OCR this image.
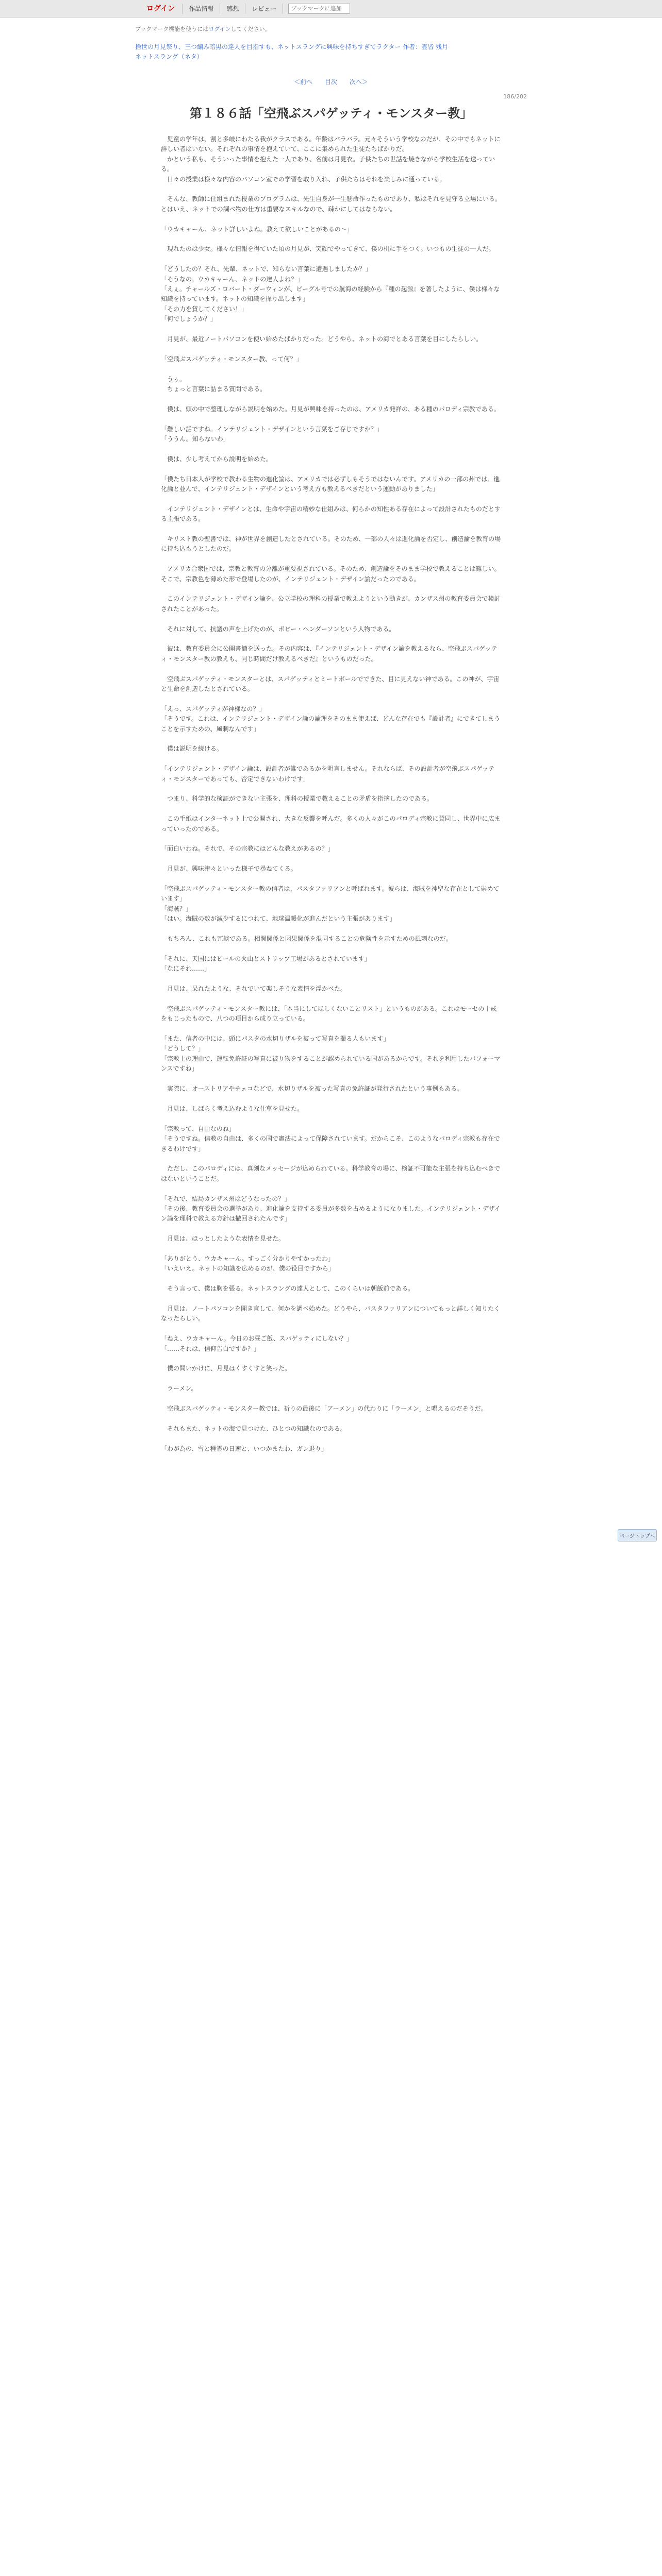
ログイン	作品情報	感想	レビュー
ブックマークに追加
ブックマーク機能を使うにはログインしてください。
捨世の月見祭り、三つ編み暗黒の達人を目指すも、ネットスラングに興味を持ちすぎてラクター 作者：霊皆 残月
ネットスラング（ネタ）
＜前へ 目次 次へ＞
186/202
第１８６話「空飛ぶスパゲッティ・モンスター教」

　児童の学年は、割と多岐にわたる我がクラスである。年齢はバラバラ。元々そういう学校なのだが、その中でもネットに詳しい者はいない。それぞれの事情を抱えていて、ここに集められた生徒たちばかりだ。
　かという私も、そういった事情を抱えた一人であり、名前は月見衣。子供たちの世話を焼きながら学校生活を送っている。
　日々の授業は様々な内容のパソコン室での学習を取り入れ、子供たちはそれを楽しみに通っている。

　そんな、教師に仕組まれた授業のプログラムは、先生自身が一生懸命作ったものであり、私はそれを見守る立場にいる。とはいえ、ネットでの調べ物の仕方は重要なスキルなので、疎かにしてはならない。

「ウカキャーん、ネット詳しいよね。教えて欲しいことがあるの〜」

　現れたのは少女。様々な情報を得ていた頃の月見が、笑顔でやってきて、僕の机に手をつく。いつもの生徒の一人だ。

「どうしたの？それ、先輩、ネットで、知らない言葉に遭遇しましたか？」
「そうなの。ウカキャーん、ネットの達人よね？」
「えぇ。チャールズ・ロバート・ダーウィンが、ビーグル号での航海の経験から『種の起源』を著したように、僕は様々な知識を持っています。ネットの知識を探り出します」
「その力を貸してください！」
「何でしょうか？」

　月見が、最近ノートパソコンを使い始めたばかりだった。どうやら、ネットの海でとある言葉を目にしたらしい。

「空飛ぶスパゲッティ・モンスター教、って何？」

　うぅ。
　ちょっと言葉に詰まる質問である。

　僕は、頭の中で整理しながら説明を始めた。月見が興味を持ったのは、アメリカ発祥の、ある種のパロディ宗教である。

「難しい話ですね。インテリジェント・デザインという言葉をご存じですか？」
「ううん。知らないわ」

　僕は、少し考えてから説明を始めた。

「僕たち日本人が学校で教わる生物の進化論は、アメリカでは必ずしもそうではないんです。アメリカの一部の州では、進化論と並んで、インテリジェント・デザインという考え方も教えるべきだという運動がありました」

　インテリジェント・デザインとは、生命や宇宙の精妙な仕組みは、何らかの知性ある存在によって設計されたものだとする主張である。

　キリスト教の聖書では、神が世界を創造したとされている。そのため、一部の人々は進化論を否定し、創造論を教育の場に持ち込もうとしたのだ。

　アメリカ合衆国では、宗教と教育の分離が重要視されている。そのため、創造論をそのまま学校で教えることは難しい。そこで、宗教色を薄めた形で登場したのが、インテリジェント・デザイン論だったのである。

　このインテリジェント・デザイン論を、公立学校の理科の授業で教えようという動きが、カンザス州の教育委員会で検討されたことがあった。

　それに対して、抗議の声を上げたのが、ボビー・ヘンダーソンという人物である。

　彼は、教育委員会に公開書簡を送った。その内容は、『インテリジェント・デザイン論を教えるなら、空飛ぶスパゲッティ・モンスター教の教えも、同じ時間だけ教えるべきだ』というものだった。

　空飛ぶスパゲッティ・モンスターとは、スパゲッティとミートボールでできた、目に見えない神である。この神が、宇宙と生命を創造したとされている。

「えっ、スパゲッティが神様なの？」
「そうです。これは、インテリジェント・デザイン論の論理をそのまま使えば、どんな存在でも『設計者』にできてしまうことを示すための、風刺なんです」

　僕は説明を続ける。

「インテリジェント・デザイン論は、設計者が誰であるかを明言しません。それならば、その設計者が空飛ぶスパゲッティ・モンスターであっても、否定できないわけです」

　つまり、科学的な検証ができない主張を、理科の授業で教えることの矛盾を指摘したのである。

　この手紙はインターネット上で公開され、大きな反響を呼んだ。多くの人々がこのパロディ宗教に賛同し、世界中に広まっていったのである。

「面白いわね。それで、その宗教にはどんな教えがあるの？」

　月見が、興味津々といった様子で尋ねてくる。

「空飛ぶスパゲッティ・モンスター教の信者は、パスタファリアンと呼ばれます。彼らは、海賊を神聖な存在として崇めています」
「海賊？」
「はい。海賊の数が減少するにつれて、地球温暖化が進んだという主張があります」

　もちろん、これも冗談である。相関関係と因果関係を混同することの危険性を示すための風刺なのだ。

「それに、天国にはビールの火山とストリップ工場があるとされています」
「なにそれ……」

　月見は、呆れたような、それでいて楽しそうな表情を浮かべた。

　空飛ぶスパゲッティ・モンスター教には、「本当にしてほしくないことリスト」というものがある。これはモーセの十戒をもじったもので、八つの項目から成り立っている。

「また、信者の中には、頭にパスタの水切りザルを被って写真を撮る人もいます」
「どうして？」
「宗教上の理由で、運転免許証の写真に被り物をすることが認められている国があるからです。それを利用したパフォーマンスですね」

　実際に、オーストリアやチェコなどで、水切りザルを被った写真の免許証が発行されたという事例もある。

　月見は、しばらく考え込むような仕草を見せた。

「宗教って、自由なのね」
「そうですね。信教の自由は、多くの国で憲法によって保障されています。だからこそ、このようなパロディ宗教も存在できるわけです」

　ただし、このパロディには、真剣なメッセージが込められている。科学教育の場に、検証不可能な主張を持ち込むべきではないということだ。

「それで、結局カンザス州はどうなったの？」
「その後、教育委員会の選挙があり、進化論を支持する委員が多数を占めるようになりました。インテリジェント・デザイン論を理科で教える方針は撤回されたんです」

　月見は、ほっとしたような表情を見せた。

「ありがとう、ウカキャーん。すっごく分かりやすかったわ」
「いえいえ。ネットの知識を広めるのが、僕の役目ですから」

　そう言って、僕は胸を張る。ネットスラングの達人として、このくらいは朝飯前である。

　月見は、ノートパソコンを開き直して、何かを調べ始めた。どうやら、パスタファリアンについてもっと詳しく知りたくなったらしい。

「ねえ、ウカキャーん。今日のお昼ご飯、スパゲッティにしない？」
「……それは、信仰告白ですか？」

　僕の問いかけに、月見はくすくすと笑った。

　ラーメン。

　空飛ぶスパゲッティ・モンスター教では、祈りの最後に「アーメン」の代わりに「ラーメン」と唱えるのだそうだ。

　それもまた、ネットの海で見つけた、ひとつの知識なのである。

「わが為の、雪と種霊の日速と、いつかまたわ、ガン退り」

ページトップへ
